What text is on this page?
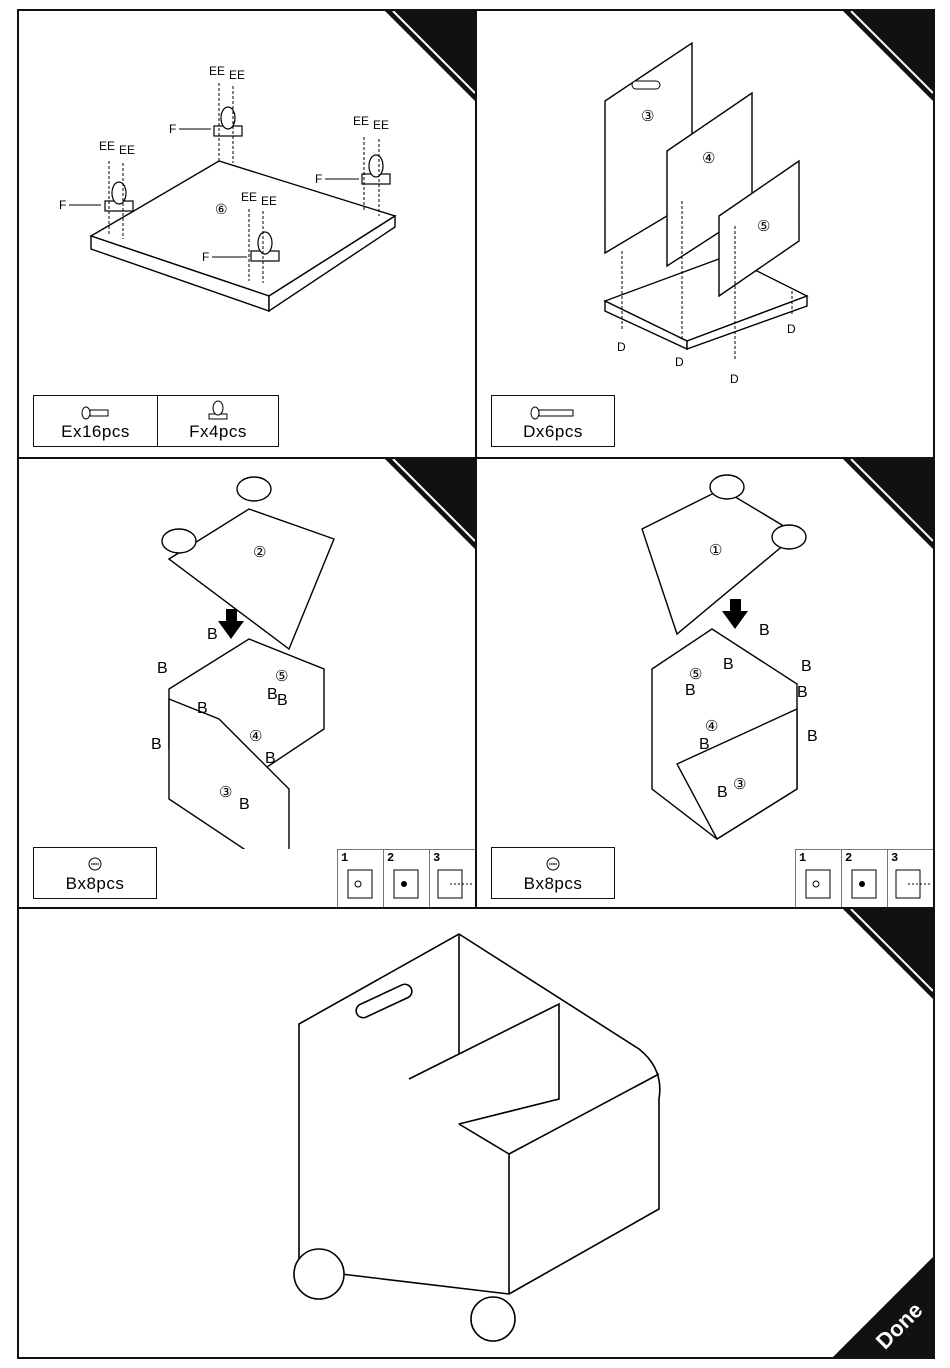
⑥
EE EE
EE EE
EE EE
EE EE
F
F
F
F
Ex16pcs	Fx4pcs
③
④
⑤
D
D
D
D
Dx6pcs
②
⑤
④
③
B
B
B
B	B
B
B
B
Bx8pcs
1	2	3
①
⑤
④
③
B
B	B
B	B
B
B
B
Bx8pcs
1	2	3
Done
